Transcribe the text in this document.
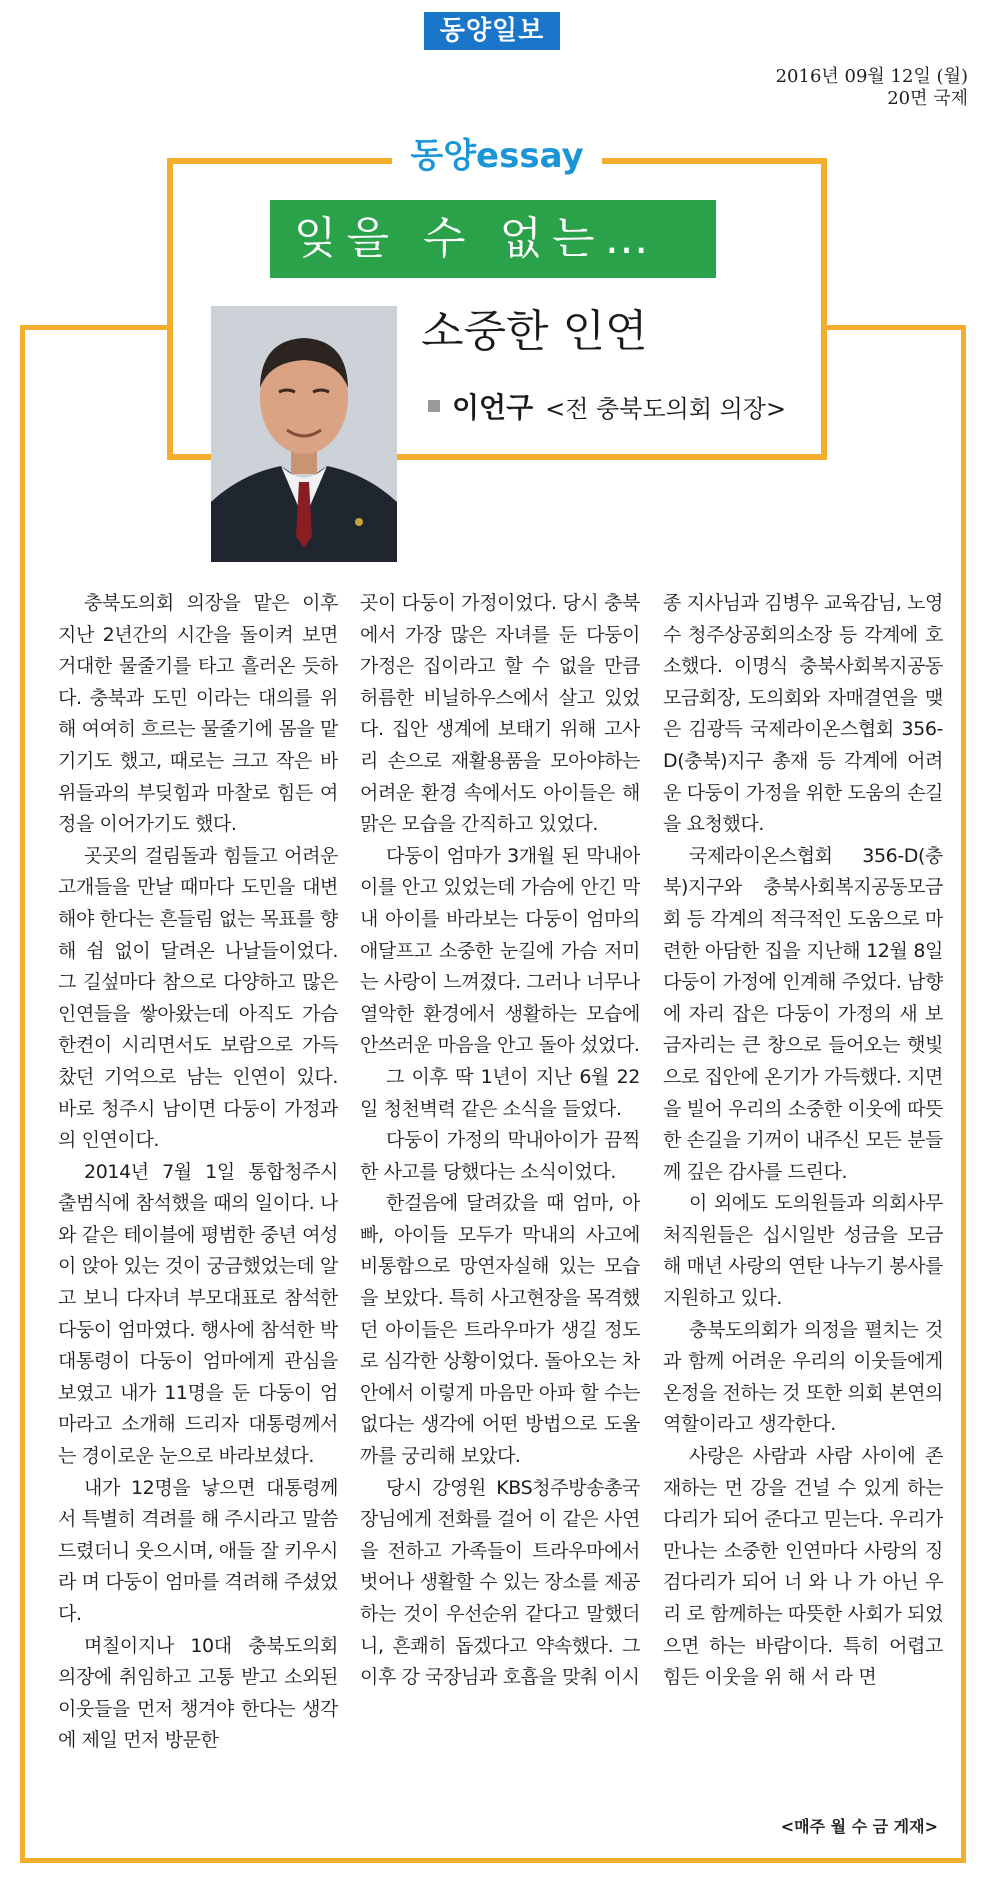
동양일보
2016년 09월 12일 (월)
20면 국제
동양essay
잊을 수 없는…
소중한 인연
이언구 <전 충북도의회 의장>

충북도의회 의장을 맡은 이후 지난 2년간의 시간을 돌이켜 보면 거대한 물줄기를 타고 흘러온 듯하다. 충북과 도민 이라는 대의를 위해 여여히 흐르는 물줄기에 몸을 맡기기도 했고, 때로는 크고 작은 바위들과의 부딪힘과 마찰로 힘든 여정을 이어가기도 했다.

곳곳의 걸림돌과 힘들고 어려운 고개들을 만날 때마다 도민을 대변해야 한다는 흔들림 없는 목표를 향해 쉼 없이 달려온 나날들이었다. 그 길섶마다 참으로 다양하고 많은 인연들을 쌓아왔는데 아직도 가슴 한켠이 시리면서도 보람으로 가득 찼던 기억으로 남는 인연이 있다. 바로 청주시 남이면 다둥이 가정과의 인연이다.

2014년 7월 1일 통합청주시 출범식에 참석했을 때의 일이다. 나와 같은 테이블에 평범한 중년 여성이 앉아 있는 것이 궁금했었는데 알고 보니 다자녀 부모대표로 참석한 다둥이 엄마였다. 행사에 참석한 박 대통령이 다둥이 엄마에게 관심을 보였고 내가 11명을 둔 다둥이 엄마라고 소개해 드리자 대통령께서는 경이로운 눈으로 바라보셨다.

내가 12명을 낳으면 대통령께서 특별히 격려를 해 주시라고 말씀드렸더니 웃으시며, 애들 잘 키우시라 며 다둥이 엄마를 격려해 주셨었다.

며칠이지나 10대 충북도의회 의장에 취임하고 고통 받고 소외된 이웃들을 먼저 챙겨야 한다는 생각에 제일 먼저 방문한

곳이 다둥이 가정이었다. 당시 충북에서 가장 많은 자녀를 둔 다둥이 가정은 집이라고 할 수 없을 만큼 허름한 비닐하우스에서 살고 있었다. 집안 생계에 보태기 위해 고사리 손으로 재활용품을 모아야하는 어려운 환경 속에서도 아이들은 해맑은 모습을 간직하고 있었다.

다둥이 엄마가 3개월 된 막내아이를 안고 있었는데 가슴에 안긴 막내 아이를 바라보는 다둥이 엄마의 애달프고 소중한 눈길에 가슴 저미는 사랑이 느껴졌다. 그러나 너무나 열악한 환경에서 생활하는 모습에 안쓰러운 마음을 안고 돌아 섰었다.

그 이후 딱 1년이 지난 6월 22일 청천벽력 같은 소식을 들었다.

다둥이 가정의 막내아이가 끔찍한 사고를 당했다는 소식이었다.

한걸음에 달려갔을 때 엄마, 아빠, 아이들 모두가 막내의 사고에 비통함으로 망연자실해 있는 모습을 보았다. 특히 사고현장을 목격했던 아이들은 트라우마가 생길 정도로 심각한 상황이었다. 돌아오는 차안에서 이렇게 마음만 아파 할 수는 없다는 생각에 어떤 방법으로 도울까를 궁리해 보았다.

당시 강영원 KBS청주방송총국장님에게 전화를 걸어 이 같은 사연을 전하고 가족들이 트라우마에서 벗어나 생활할 수 있는 장소를 제공하는 것이 우선순위 같다고 말했더니, 흔쾌히 돕겠다고 약속했다. 그 이후 강 국장님과 호흡을 맞춰 이시

종 지사님과 김병우 교육감님, 노영수 청주상공회의소장 등 각계에 호소했다. 이명식 충북사회복지공동모금회장, 도의회와 자매결연을 맺은 김광득 국제라이온스협회 356-D(충북)지구 총재 등 각계에 어려운 다둥이 가정을 위한 도움의 손길을 요청했다.

국제라이온스협회 356-D(충북)지구와 충북사회복지공동모금회 등 각계의 적극적인 도움으로 마련한 아담한 집을 지난해 12월 8일 다둥이 가정에 인계해 주었다. 남향에 자리 잡은 다둥이 가정의 새 보금자리는 큰 창으로 들어오는 햇빛으로 집안에 온기가 가득했다. 지면을 빌어 우리의 소중한 이웃에 따뜻한 손길을 기꺼이 내주신 모든 분들께 깊은 감사를 드린다.

이 외에도 도의원들과 의회사무처직원들은 십시일반 성금을 모금해 매년 사랑의 연탄 나누기 봉사를 지원하고 있다.

충북도의회가 의정을 펼치는 것과 함께 어려운 우리의 이웃들에게 온정을 전하는 것 또한 의회 본연의 역할이라고 생각한다.

사랑은 사람과 사람 사이에 존재하는 먼 강을 건널 수 있게 하는 다리가 되어 준다고 믿는다. 우리가 만나는 소중한 인연마다 사랑의 징검다리가 되어 너 와 나 가 아닌 우리 로 함께하는 따뜻한 사회가 되었으면 하는 바람이다. 특히 어렵고 힘든 이웃을 위 해 서 라 면

<매주 월 수 금 게재>
